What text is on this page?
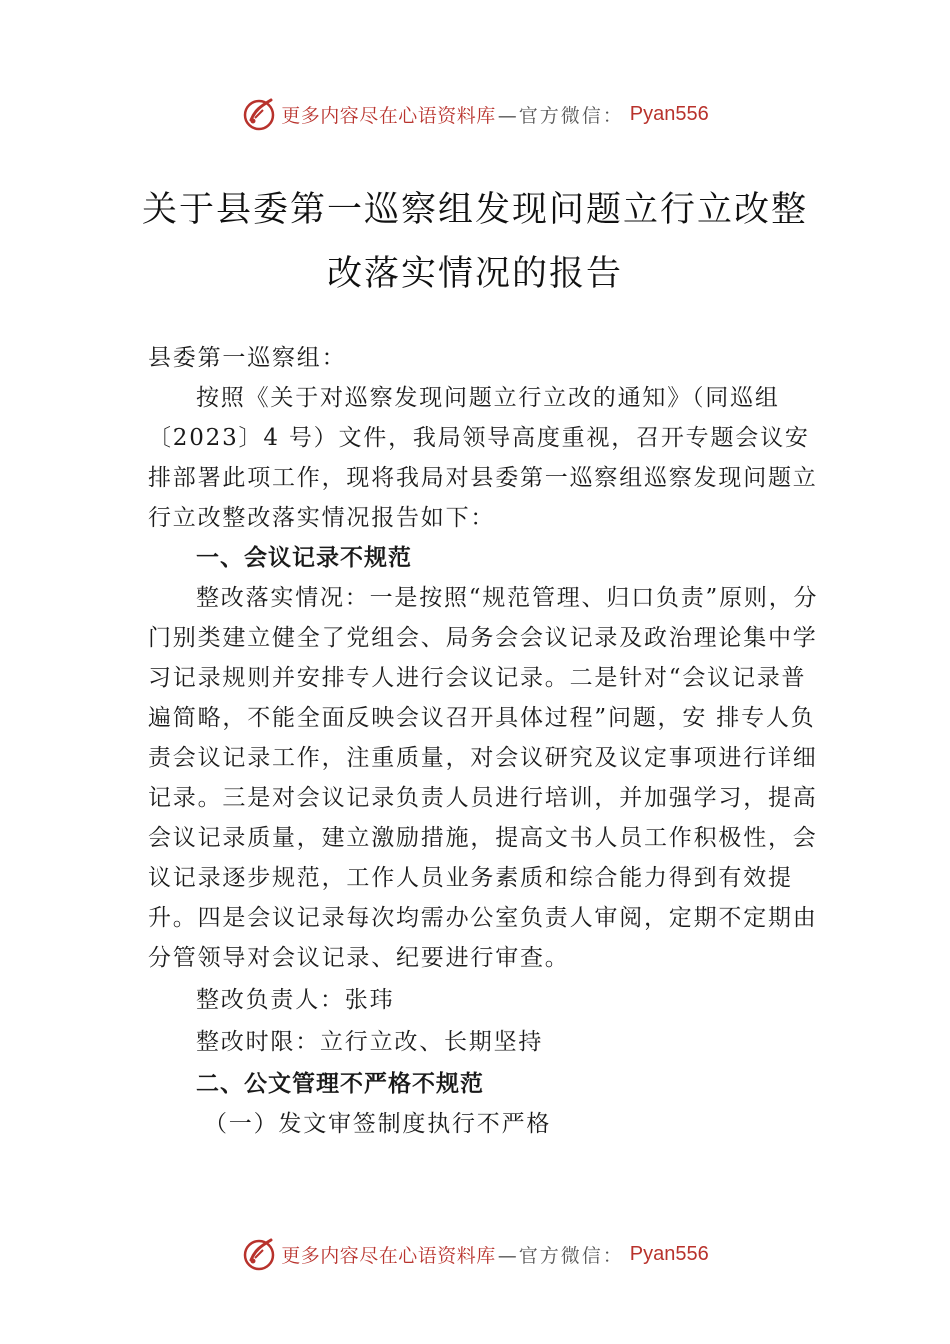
更多内容尽在心语资料库 —官方微信： Pyan556
关于县委第一巡察组发现问题立行立改整
改落实情况的报告

县委第一巡察组：

按照《关于对巡察发现问题立行立改的通知》（同巡组〔2023〕4 号）文件，我局领导高度重视，召开专题会议安排部署此项工作，现将我局对县委第一巡察组巡察发现问题立行立改整改落实情况报告如下：

一、会议记录不规范

整改落实情况：一是按照“规范管理、归口负责”原则，分门别类建立健全了党组会、局务会会议记录及政治理论集中学习记录规则并安排专人进行会议记录。二是针对“会议记录普遍简略，不能全面反映会议召开具体过程”问题，安 排专人负责会议记录工作，注重质量，对会议研究及议定事项进行详细记录。三是对会议记录负责人员进行培训，并加强学习，提高会议记录质量，建立激励措施，提高文书人员工作积极性，会议记录逐步规范，工作人员业务素质和综合能力得到有效提升。四是会议记录每次均需办公室负责人审阅，定期不定期由分管领导对会议记录、纪要进行审查。

整改负责人：张玮

整改时限：立行立改、长期坚持

二、公文管理不严格不规范

（一）发文审签制度执行不严格

更多内容尽在心语资料库 —官方微信： Pyan556
